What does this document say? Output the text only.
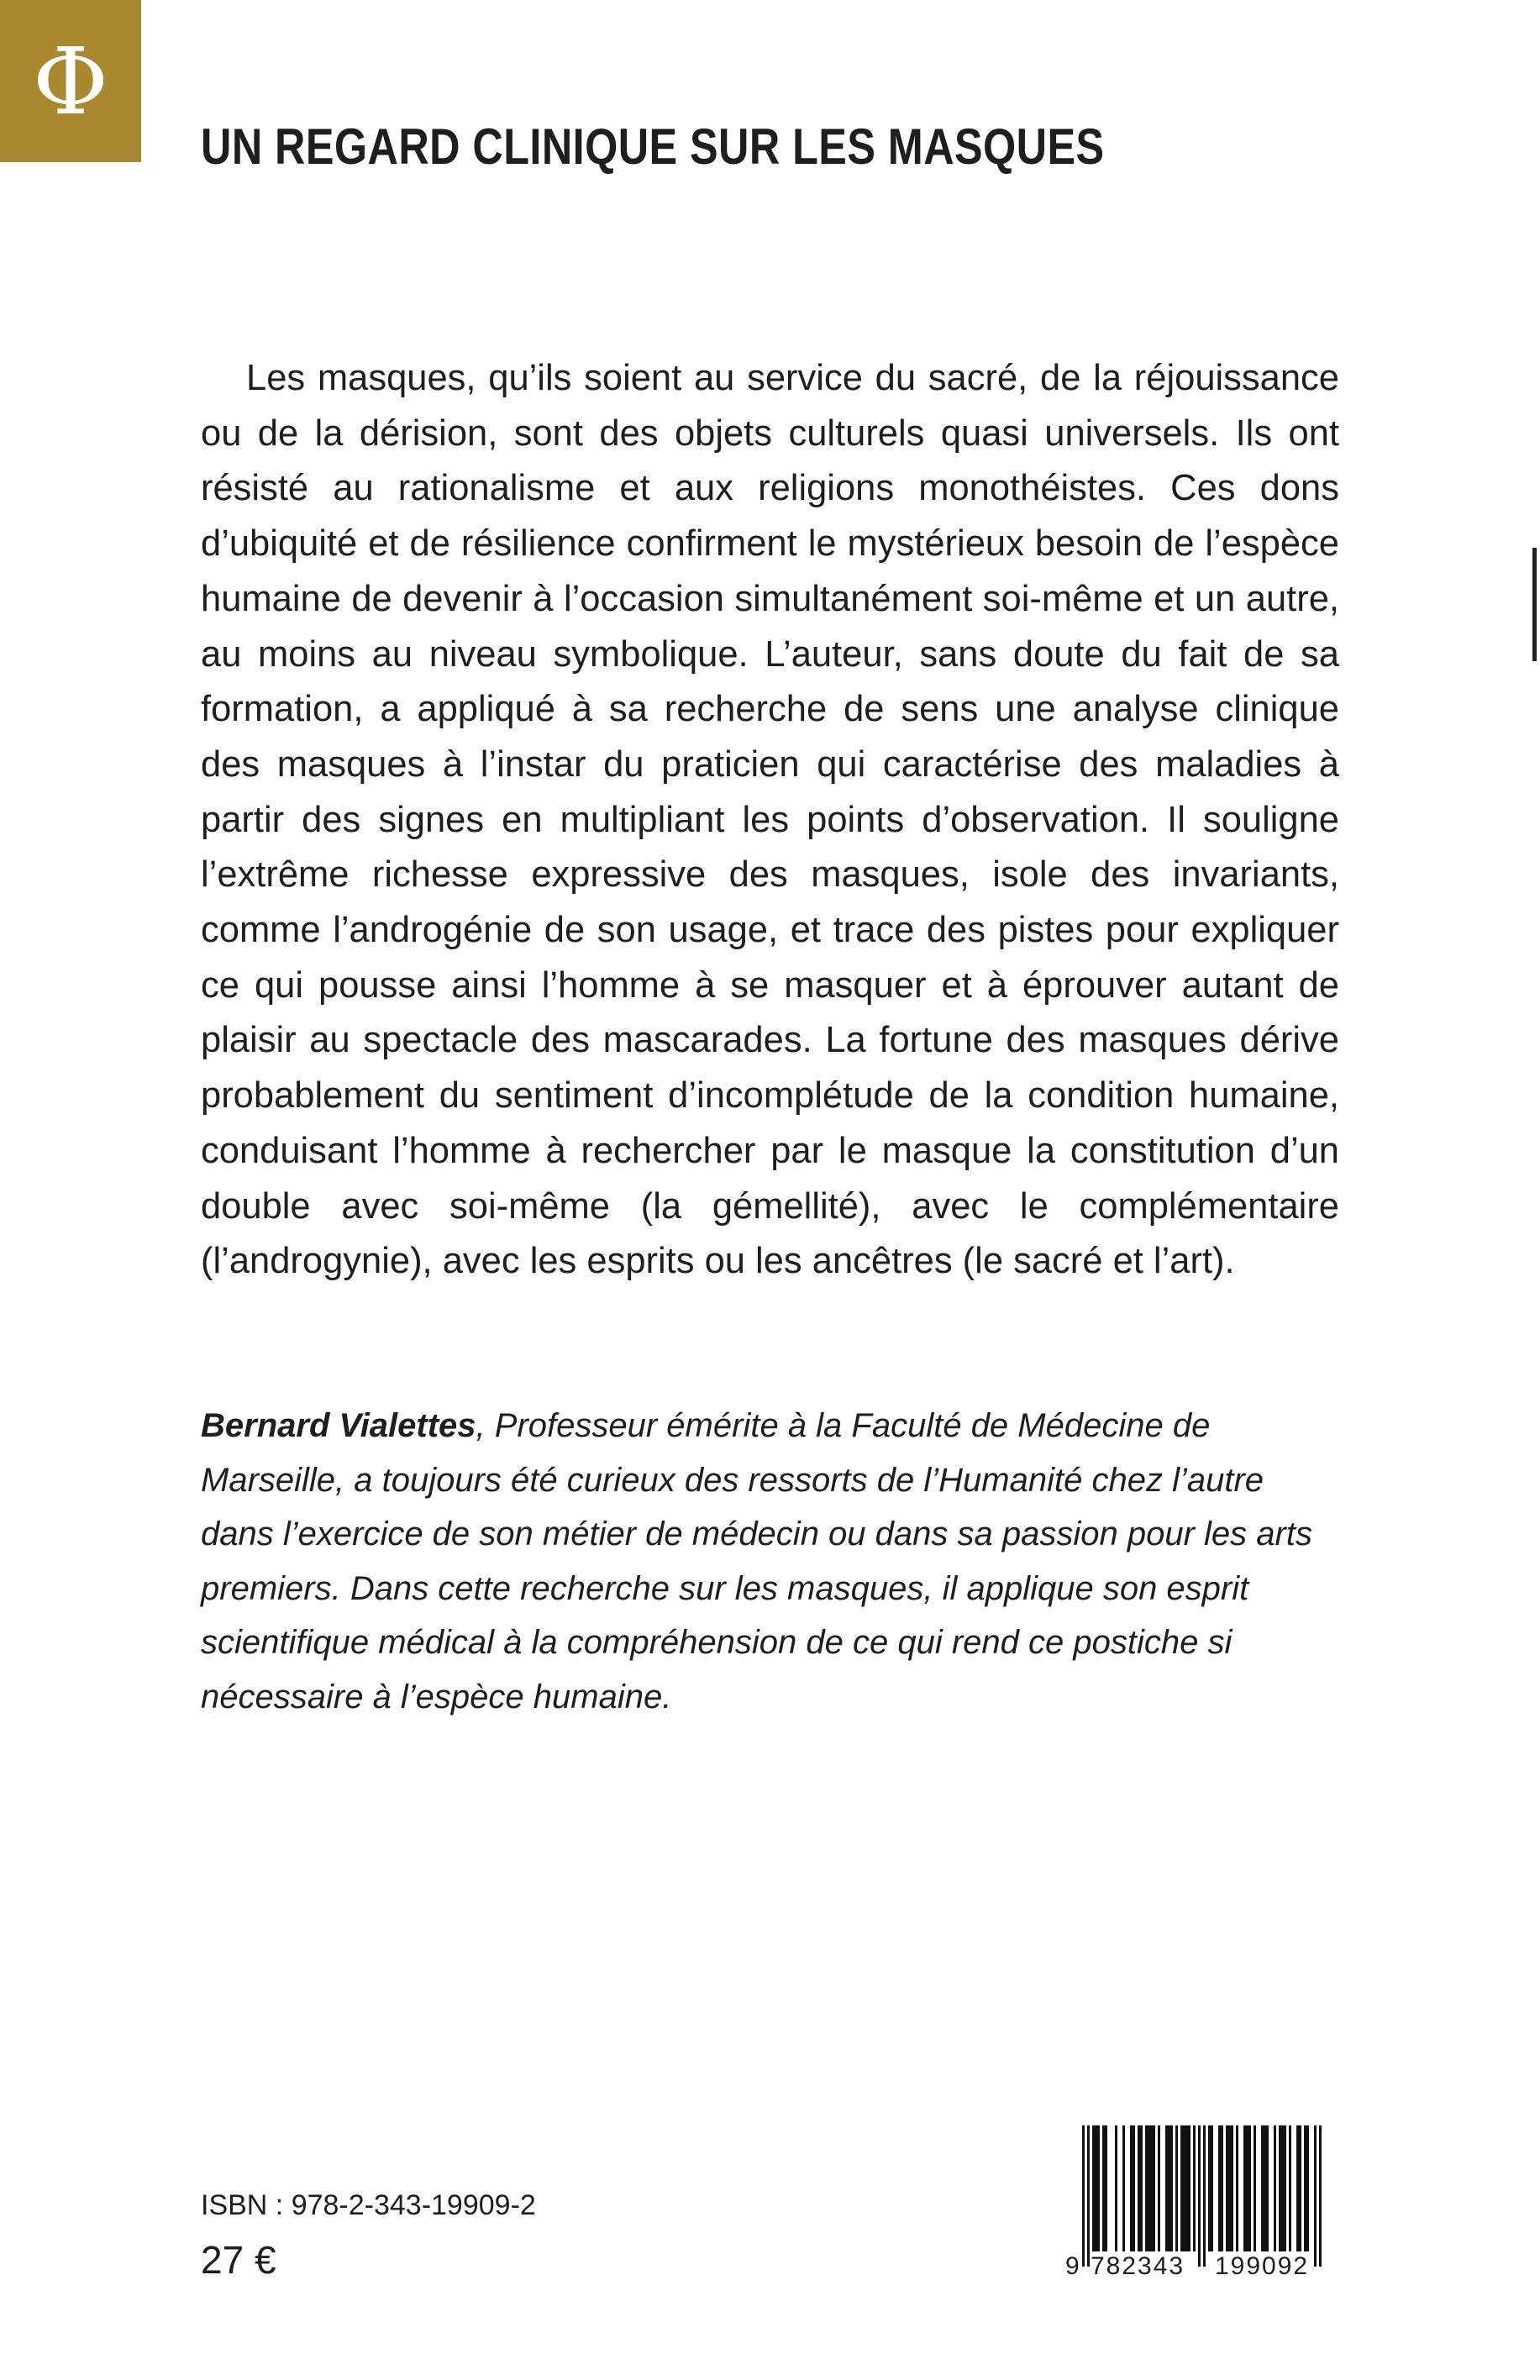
Φ
UN REGARD CLINIQUE SUR LES MASQUES

Les masques, qu’ils soient au service du sacré, de la réjouissance ou de la dérision, sont des objets culturels quasi universels. Ils ont résisté au rationalisme et aux religions monothéistes. Ces dons d’ubiquité et de résilience confirment le mystérieux besoin de l’espèce humaine de devenir à l’occasion simultanément soi-même et un autre, au moins au niveau symbolique. L’auteur, sans doute du fait de sa formation, a appliqué à sa recherche de sens une analyse clinique des masques à l’instar du praticien qui caractérise des maladies à partir des signes en multipliant les points d’observation. Il souligne l’extrême richesse expressive des masques, isole des invariants, comme l’androgénie de son usage, et trace des pistes pour expliquer ce qui pousse ainsi l’homme à se masquer et à éprouver autant de plaisir au spectacle des mascarades. La fortune des masques dérive probablement du sentiment d’incomplétude de la condition humaine, conduisant l’homme à rechercher par le masque la constitution d’un double avec soi-même (la gémellité), avec le complémentaire (l’androgynie), avec les esprits ou les ancêtres (le sacré et l’art).

Bernard Vialettes, Professeur émérite à la Faculté de Médecine de Marseille, a toujours été curieux des ressorts de l’Humanité chez l’autre dans l’exercice de son métier de médecin ou dans sa passion pour les arts premiers. Dans cette recherche sur les masques, il applique son esprit scientifique médical à la compréhension de ce qui rend ce postiche si nécessaire à l’espèce humaine.

ISBN : 978-2-343-19909-2

27 €	9 782343 199092
